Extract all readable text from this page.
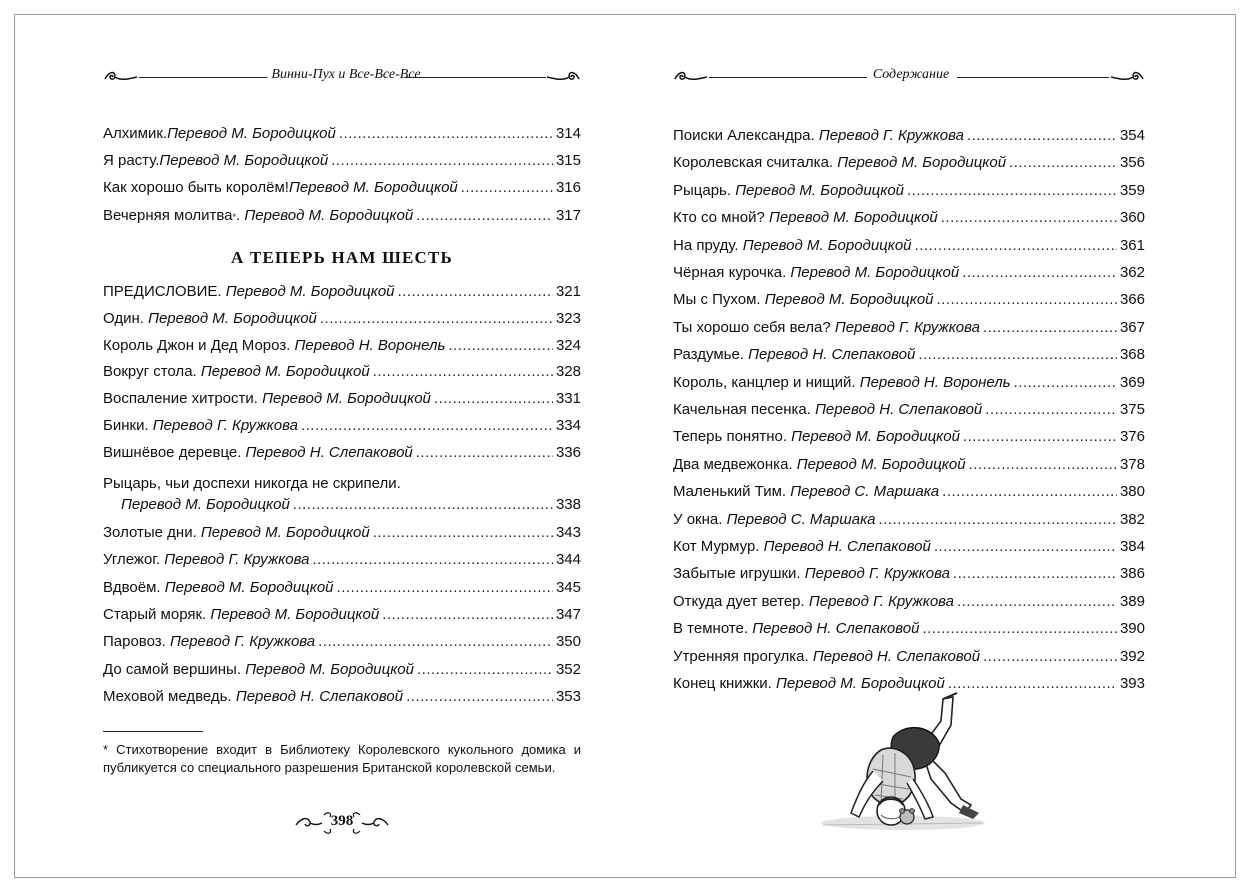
Винни-Пух и Все-Все-Все
Алхимик. Перевод М. Бородицкой .....	314
Я расту. Перевод М. Бородицкой .....	315
Как хорошо быть королём! Перевод М. Бородицкой .....	316
Вечерняя молитва * . Перевод М. Бородицкой .....	317
А ТЕПЕРЬ НАМ ШЕСТЬ
ПРЕДИСЛОВИЕ. Перевод М. Бородицкой .....	321
Один. Перевод М. Бородицкой .....	323
Король Джон и Дед Мороз. Перевод Н. Воронель .....	324
Вокруг стола. Перевод М. Бородицкой .....	328
Воспаление хитрости. Перевод М. Бородицкой .....	331
Бинки. Перевод Г. Кружкова .....	334
Вишнёвое деревце. Перевод Н. Слепаковой .....	336
Рыцарь, чьи доспехи никогда не скрипели.
Перевод М. Бородицкой .....	338
Золотые дни. Перевод М. Бородицкой .....	343
Углежог. Перевод Г. Кружкова .....	344
Вдвоём. Перевод М. Бородицкой .....	345
Старый моряк. Перевод М. Бородицкой .....	347
Паровоз. Перевод Г. Кружкова .....	350
До самой вершины. Перевод М. Бородицкой .....	352
Меховой медведь. Перевод Н. Слепаковой .....	353
* Стихотворение входит в Библиотеку Королевского кукольного домика и публикуется со специального разрешения Британской королевской семьи.
398
Содержание
Поиски Александра. Перевод Г. Кружкова .....	354
Королевская считалка. Перевод М. Бородицкой .....	356
Рыцарь. Перевод М. Бородицкой .....	359
Кто со мной? Перевод М. Бородицкой .....	360
На пруду. Перевод М. Бородицкой .....	361
Чёрная курочка. Перевод М. Бородицкой .....	362
Мы с Пухом. Перевод М. Бородицкой .....	366
Ты хорошо себя вела? Перевод Г. Кружкова .....	367
Раздумье. Перевод Н. Слепаковой .....	368
Король, канцлер и нищий. Перевод Н. Воронель .....	369
Качельная песенка. Перевод Н. Слепаковой .....	375
Теперь понятно. Перевод М. Бородицкой .....	376
Два медвежонка. Перевод М. Бородицкой .....	378
Маленький Тим. Перевод С. Маршака .....	380
У окна. Перевод С. Маршака .....	382
Кот Мурмур. Перевод Н. Слепаковой .....	384
Забытые игрушки. Перевод Г. Кружкова .....	386
Откуда дует ветер. Перевод Г. Кружкова .....	389
В темноте. Перевод Н. Слепаковой .....	390
Утренняя прогулка. Перевод Н. Слепаковой .....	392
Конец книжки. Перевод М. Бородицкой .....	393
